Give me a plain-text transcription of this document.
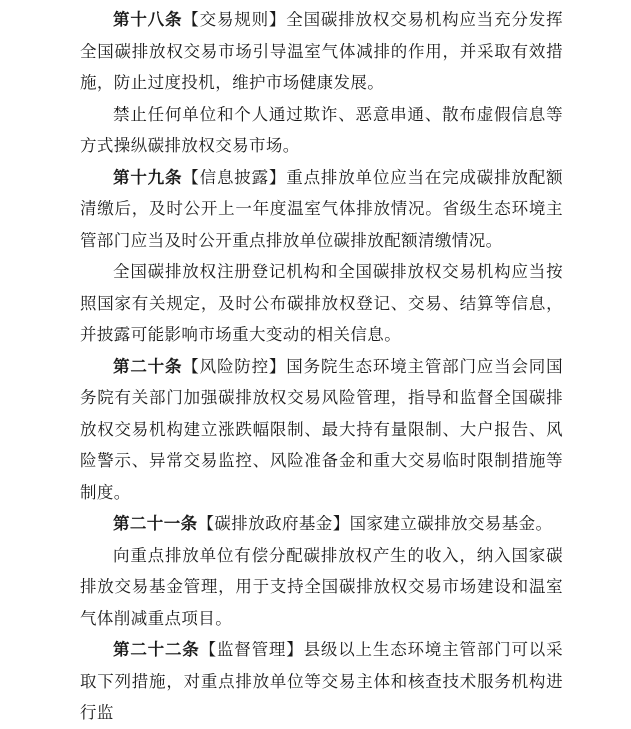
第十八条【交易规则】全国碳排放权交易机构应当充分发挥全国碳排放权交易市场引导温室气体减排的作用，并采取有效措施，防止过度投机，维护市场健康发展。

禁止任何单位和个人通过欺诈、恶意串通、散布虚假信息等方式操纵碳排放权交易市场。

第十九条【信息披露】重点排放单位应当在完成碳排放配额清缴后，及时公开上一年度温室气体排放情况。省级生态环境主管部门应当及时公开重点排放单位碳排放配额清缴情况。

全国碳排放权注册登记机构和全国碳排放权交易机构应当按照国家有关规定，及时公布碳排放权登记、交易、结算等信息，并披露可能影响市场重大变动的相关信息。

第二十条【风险防控】国务院生态环境主管部门应当会同国务院有关部门加强碳排放权交易风险管理，指导和监督全国碳排放权交易机构建立涨跌幅限制、最大持有量限制、大户报告、风险警示、异常交易监控、风险准备金和重大交易临时限制措施等制度。

第二十一条【碳排放政府基金】国家建立碳排放交易基金。

向重点排放单位有偿分配碳排放权产生的收入，纳入国家碳排放交易基金管理，用于支持全国碳排放权交易市场建设和温室气体削减重点项目。

第二十二条【监督管理】县级以上生态环境主管部门可以采取下列措施，对重点排放单位等交易主体和核查技术服务机构进行监
